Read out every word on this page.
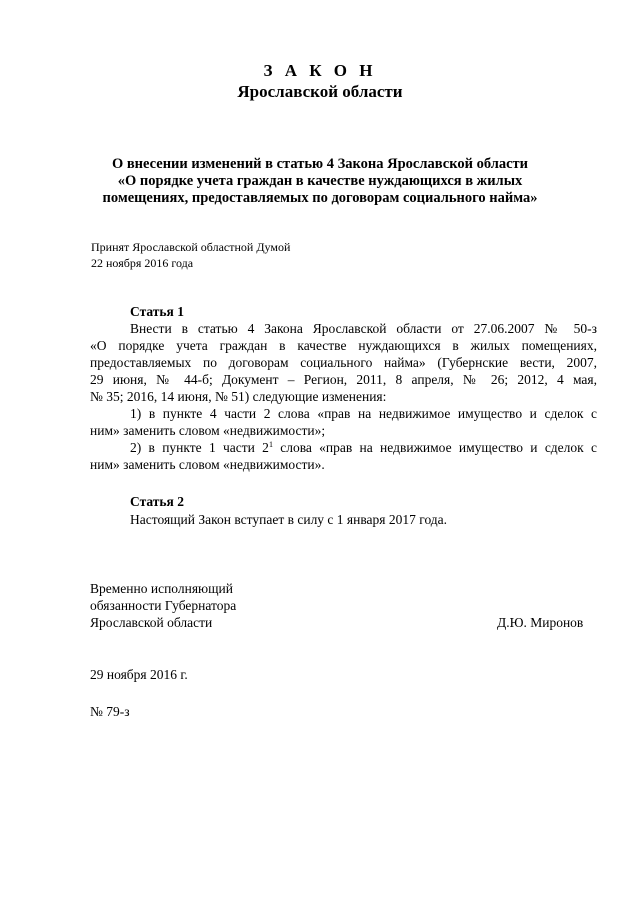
З А К О Н
Ярославской области
О внесении изменений в статью 4 Закона Ярославской области
«О порядке учета граждан в качестве нуждающихся в жилых
помещениях, предоставляемых по договорам социального найма»
Принят Ярославской областной Думой
22 ноября 2016 года
Статья 1
Внести в статью 4 Закона Ярославской области от 27.06.2007 № 50-з
«О порядке учета граждан в качестве нуждающихся в жилых помещениях,
предоставляемых по договорам социального найма» (Губернские вести, 2007,
29 июня, № 44-б; Документ – Регион, 2011, 8 апреля, № 26; 2012, 4 мая,
№ 35; 2016, 14 июня, № 51) следующие изменения:
1) в пункте 4 части 2 слова «прав на недвижимое имущество и сделок с
ним» заменить словом «недвижимости»;
2) в пункте 1 части $2^1$ слова «прав на недвижимое имущество и сделок с
ним» заменить словом «недвижимости».
Статья 2
Настоящий Закон вступает в силу с 1 января 2017 года.
Временно исполняющий
обязанности Губернатора
Ярославской области	Д.Ю. Миронов
29 ноября 2016 г.
№ 79-з
